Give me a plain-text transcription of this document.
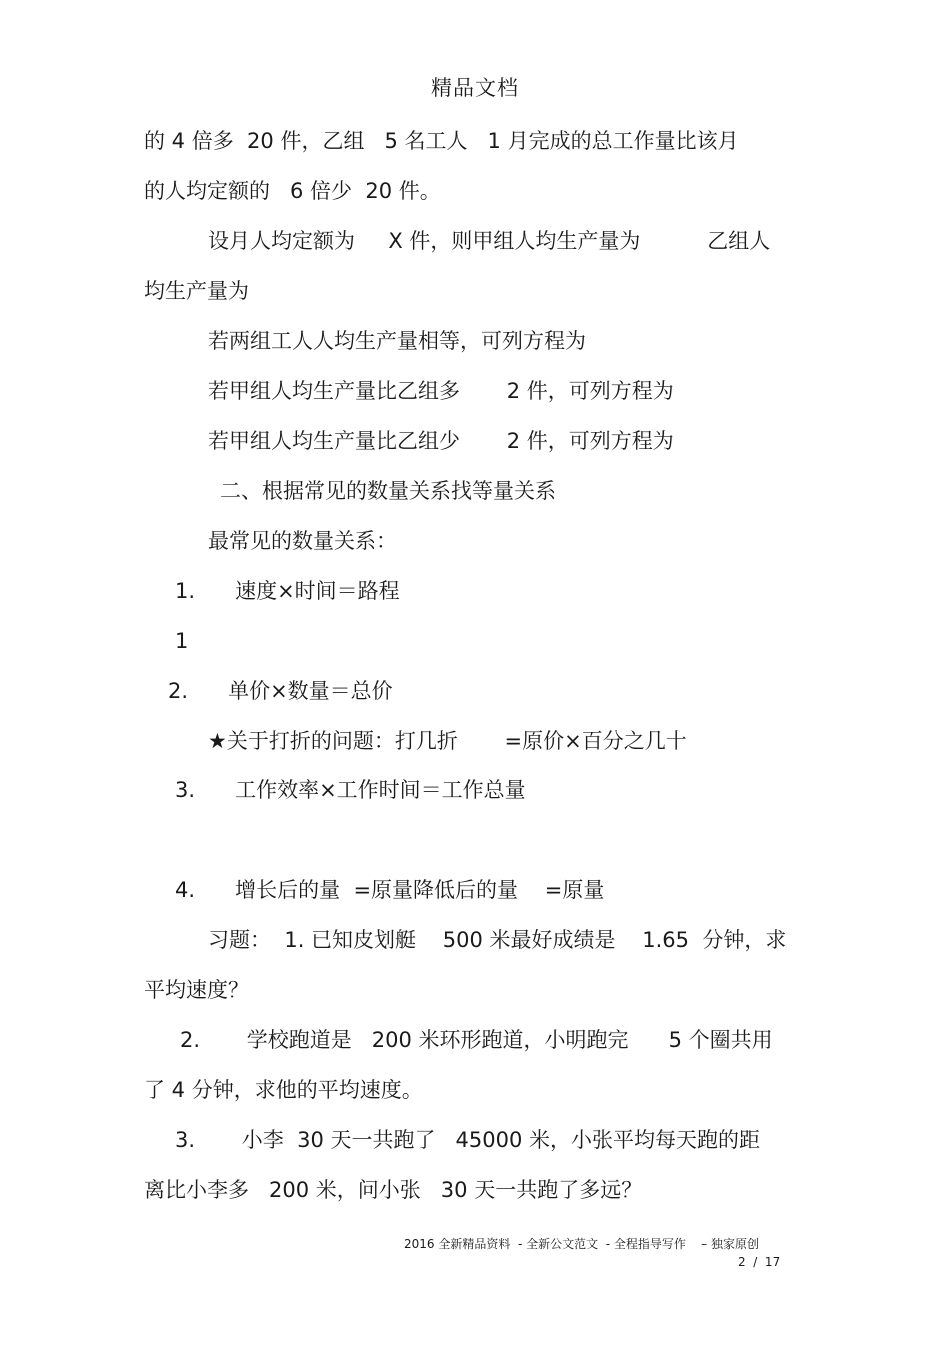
精品文档
的 4 倍多  20 件，乙组   5 名工人   1 月完成的总工作量比该月
的人均定额的   6 倍少  20 件。
设月人均定额为     X 件，则甲组人均生产量为          乙组人
均生产量为
若两组工人人均生产量相等，可列方程为
若甲组人均生产量比乙组多       2 件，可列方程为
若甲组人均生产量比乙组少       2 件，可列方程为
二、根据常见的数量关系找等量关系
最常见的数量关系：
1.      速度×时间＝路程
1
2.      单价×数量＝总价
★关于打折的问题：打几折       =原价×百分之几十
3.      工作效率×工作时间＝工作总量
4.      增长后的量  =原量降低后的量    =原量
习题：  1. 已知皮划艇    500 米最好成绩是    1.65  分钟，求
平均速度？
2.       学校跑道是   200 米环形跑道，小明跑完      5 个圈共用
了 4 分钟，求他的平均速度。
3.       小李  30 天一共跑了   45000 米，小张平均每天跑的距
离比小李多   200 米，问小张   30 天一共跑了多远？
2016 全新精品资料  - 全新公文范文  - 全程指导写作    – 独家原创
2  /  17
